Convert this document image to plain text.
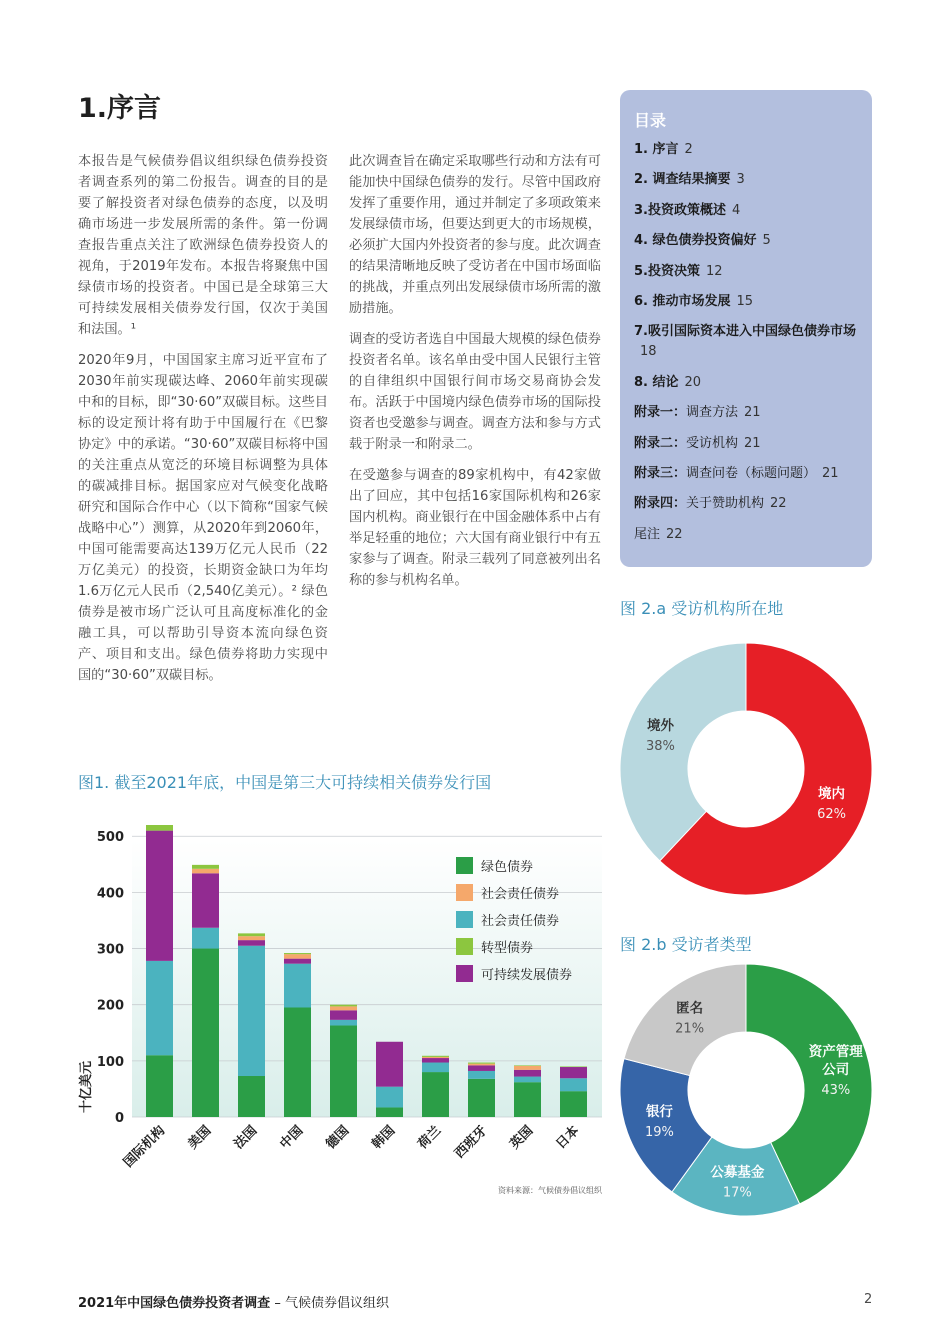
1.序言

本报告是气候债券倡议组织绿色债券投资者调查系列的第二份报告。调查的目的是要了解投资者对绿色债券的态度，以及明确市场进一步发展所需的条件。第一份调查报告重点关注了欧洲绿色债券投资人的视角，于2019年发布。本报告将聚焦中国绿债市场的投资者。中国已是全球第三大可持续发展相关债券发行国，仅次于美国和法国。¹

2020年9月，中国国家主席习近平宣布了2030年前实现碳达峰、2060年前实现碳中和的目标，即“30·60”双碳目标。这些目标的设定预计将有助于中国履行在《巴黎协定》中的承诺。“30·60”双碳目标将中国的关注重点从宽泛的环境目标调整为具体的碳减排目标。据国家应对气候变化战略研究和国际合作中心（以下简称“国家气候战略中心”）测算，从2020年到2060年，中国可能需要高达139万亿元人民币（22万亿美元）的投资，长期资金缺口为年均1.6万亿元人民币（2,540亿美元）。² 绿色债券是被市场广泛认可且高度标准化的金融工具，可以帮助引导资本流向绿色资产、项目和支出。绿色债券将助力实现中国的“30·60”双碳目标。

此次调查旨在确定采取哪些行动和方法有可能加快中国绿色债券的发行。尽管中国政府发挥了重要作用，通过并制定了多项政策来发展绿债市场，但要达到更大的市场规模，必须扩大国内外投资者的参与度。此次调查的结果清晰地反映了受访者在中国市场面临的挑战，并重点列出发展绿债市场所需的激励措施。

调查的受访者选自中国最大规模的绿色债券投资者名单。该名单由受中国人民银行主管的自律组织中国银行间市场交易商协会发布。活跃于中国境内绿色债券市场的国际投资者也受邀参与调查。调查方法和参与方式载于附录一和附录二。

在受邀参与调查的89家机构中，有42家做出了回应，其中包括16家国际机构和26家国内机构。商业银行在中国金融体系中占有举足轻重的地位；六大国有商业银行中有五家参与了调查。附录三载列了同意被列出名称的参与机构名单。

目录
1. 序言 2
2. 调查结果摘要 3
3.投资政策概述 4
4. 绿色债券投资偏好 5
5.投资决策 12
6. 推动市场发展 15
7.吸引国际资本进入中国绿色债券市场18
8. 结论 20
附录一：调查方法 21
附录二：受访机构 21
附录三：调查问卷（标题问题） 21
附录四：关于赞助机构 22
尾注 22
图 2.a 受访机构所在地
图 2.b 受访者类型
图1. 截至2021年底，中国是第三大可持续相关债券发行国
0
100
200
300
400
500
十亿美元
国际机构 美国 法国 中国 德国 韩国 荷兰 西班牙 英国 日本
绿色债券
社会责任债券
社会责任债券
转型债券
可持续发展债券
资料来源：气候债券倡议组织
境内
62%
境外
38%
资产管理
公司
43%
公募基金
17%
银行
19%
匿名
21%
2021年中国绿色债券投资者调查 – 气候债券倡议组织	2
